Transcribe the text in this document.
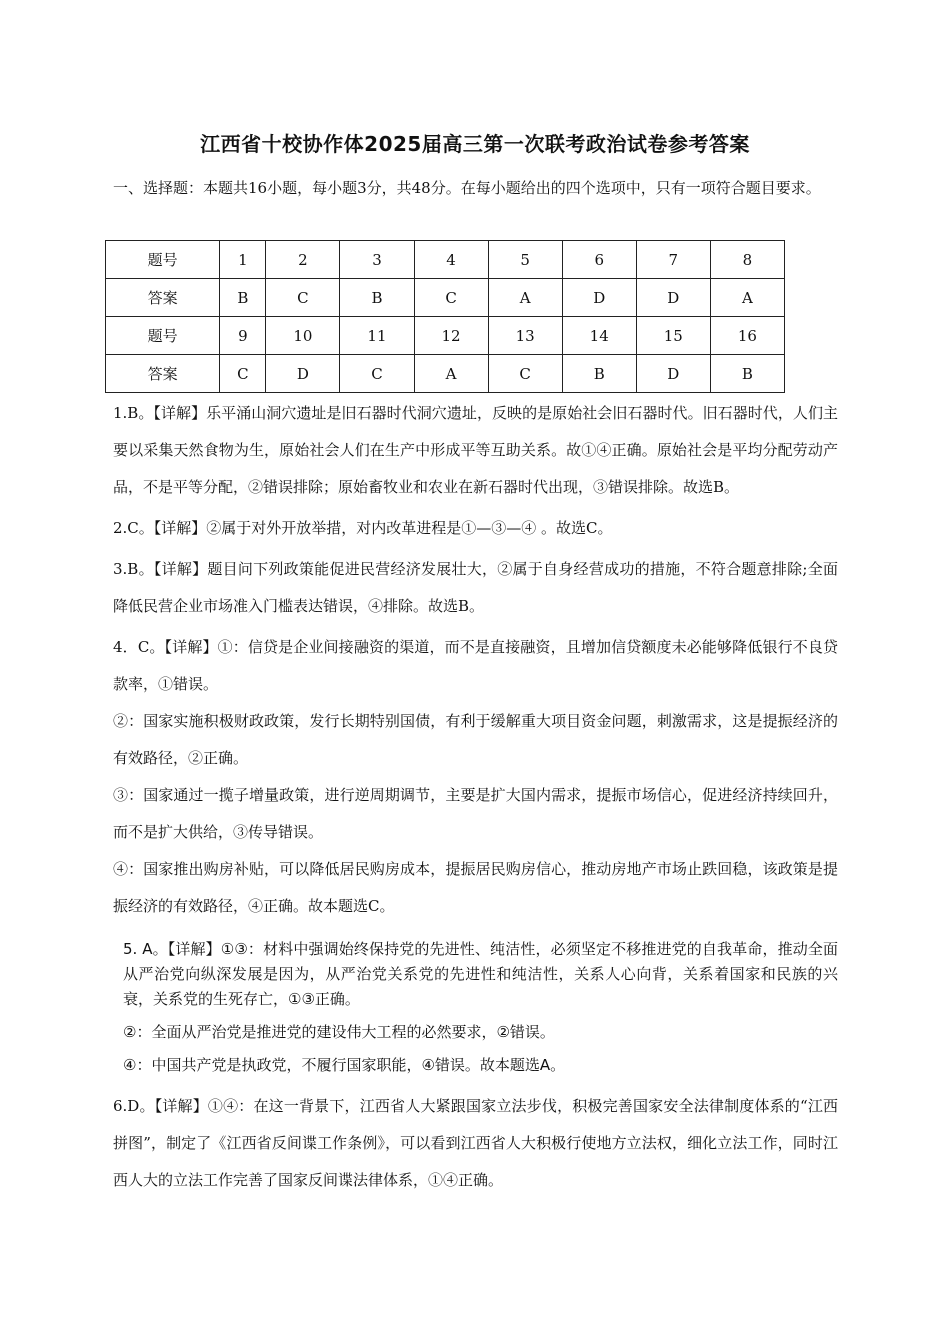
江西省十校协作体2025届高三第一次联考政治试卷参考答案
一、选择题：本题共16小题，每小题3分，共48分。在每小题给出的四个选项中，只有一项符合题目要求。
题号	1	2	3	4	5	6	7	8
答案	B	C	B	C	A	D	D	A
题号	9	10	11	12	13	14	15	16
答案	C	D	C	A	C	B	D	B

1.B。【详解】乐平涌山洞穴遗址是旧石器时代洞穴遗址，反映的是原始社会旧石器时代。旧石器时代，人们主要以采集天然食物为生，原始社会人们在生产中形成平等互助关系。故①④正确。原始社会是平均分配劳动产品，不是平等分配，②错误排除；原始畜牧业和农业在新石器时代出现，③错误排除。故选B。

2.C。【详解】②属于对外开放举措，对内改革进程是①—③—④ 。故选C。

3.B。【详解】题目问下列政策能促进民营经济发展壮大，②属于自身经营成功的措施，不符合题意排除;全面降低民营企业市场准入门槛表达错误，④排除。故选B。

4．C。【详解】①：信贷是企业间接融资的渠道，而不是直接融资，且增加信贷额度未必能够降低银行不良贷款率，①错误。

②：国家实施积极财政政策，发行长期特别国债，有利于缓解重大项目资金问题，刺激需求，这是提振经济的有效路径，②正确。

③：国家通过一揽子增量政策，进行逆周期调节，主要是扩大国内需求，提振市场信心，促进经济持续回升，而不是扩大供给，③传导错误。

④：国家推出购房补贴，可以降低居民购房成本，提振居民购房信心，推动房地产市场止跌回稳，该政策是提振经济的有效路径，④正确。故本题选C。

5. A。【详解】①③：材料中强调始终保持党的先进性、纯洁性，必须坚定不移推进党的自我革命，推动全面从严治党向纵深发展是因为，从严治党关系党的先进性和纯洁性，关系人心向背，关系着国家和民族的兴衰，关系党的生死存亡，①③正确。

②：全面从严治党是推进党的建设伟大工程的必然要求，②错误。

④：中国共产党是执政党，不履行国家职能，④错误。故本题选A。

6.D。【详解】①④：在这一背景下，江西省人大紧跟国家立法步伐，积极完善国家安全法律制度体系的“江西拼图”，制定了《江西省反间谍工作条例》，可以看到江西省人大积极行使地方立法权，细化立法工作，同时江西人大的立法工作完善了国家反间谍法律体系，①④正确。
